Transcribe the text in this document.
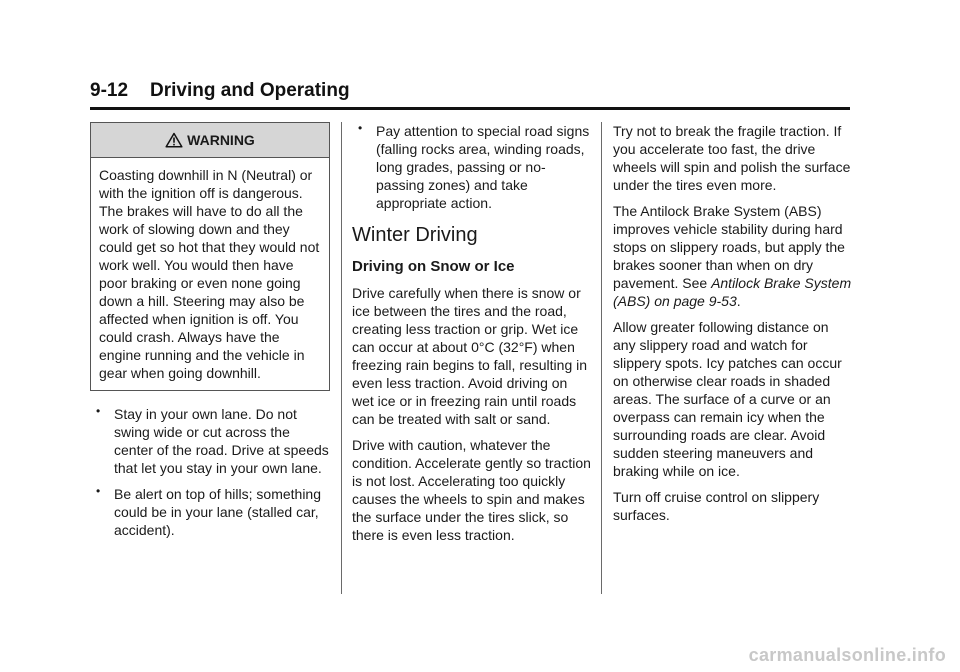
9-12 Driving and Operating
WARNING
Coasting downhill in N (Neutral) or with the ignition off is dangerous. The brakes will have to do all the work of slowing down and they could get so hot that they would not work well. You would then have poor braking or even none going down a hill. Steering may also be affected when ignition is off. You could crash. Always have the engine running and the vehicle in gear when going downhill.
• Stay in your own lane. Do not swing wide or cut across the center of the road. Drive at speeds that let you stay in your own lane.
• Be alert on top of hills; something could be in your lane (stalled car, accident).
• Pay attention to special road signs (falling rocks area, winding roads, long grades, passing or no-passing zones) and take appropriate action.
Winter Driving
Driving on Snow or Ice

Drive carefully when there is snow or ice between the tires and the road, creating less traction or grip. Wet ice can occur at about 0°C (32°F) when freezing rain begins to fall, resulting in even less traction. Avoid driving on wet ice or in freezing rain until roads can be treated with salt or sand.

Drive with caution, whatever the condition. Accelerate gently so traction is not lost. Accelerating too quickly causes the wheels to spin and makes the surface under the tires slick, so there is even less traction.

Try not to break the fragile traction. If you accelerate too fast, the drive wheels will spin and polish the surface under the tires even more.

The Antilock Brake System (ABS) improves vehicle stability during hard stops on slippery roads, but apply the brakes sooner than when on dry pavement. See Antilock Brake System (ABS) on page 9-53.

Allow greater following distance on any slippery road and watch for slippery spots. Icy patches can occur on otherwise clear roads in shaded areas. The surface of a curve or an overpass can remain icy when the surrounding roads are clear. Avoid sudden steering maneuvers and braking while on ice.

Turn off cruise control on slippery surfaces.

carmanualsonline.info
